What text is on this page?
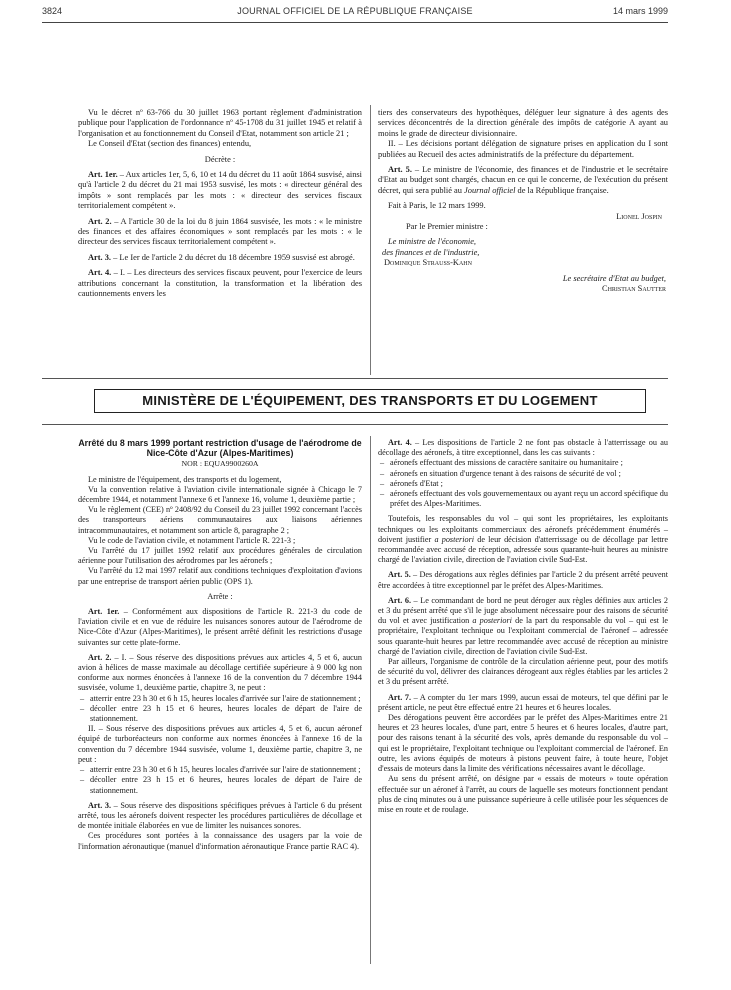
3824	JOURNAL OFFICIEL DE LA RÉPUBLIQUE FRANÇAISE	14 mars 1999

Vu le décret nº 63-766 du 30 juillet 1963 portant règlement d'administration publique pour l'application de l'ordonnance nº 45-1708 du 31 juillet 1945 et relatif à l'organisation et au fonctionnement du Conseil d'Etat, notamment son article 21 ;

Le Conseil d'Etat (section des finances) entendu,

Décrète :

Art. 1er. – Aux articles 1er, 5, 6, 10 et 14 du décret du 11 août 1864 susvisé, ainsi qu'à l'article 2 du décret du 21 mai 1953 susvisé, les mots : « directeur général des impôts » sont remplacés par les mots : « directeur des services fiscaux territorialement compétent ».

Art. 2. – A l'article 30 de la loi du 8 juin 1864 susvisée, les mots : « le ministre des finances et des affaires économiques » sont remplacés par les mots : « le directeur des services fiscaux territorialement compétent ».

Art. 3. – Le Ier de l'article 2 du décret du 18 décembre 1959 susvisé est abrogé.

Art. 4. – I. – Les directeurs des services fiscaux peuvent, pour l'exercice de leurs attributions concernant la constitution, la transformation et la libération des cautionnements envers les

tiers des conservateurs des hypothèques, déléguer leur signature à des agents des services déconcentrés de la direction générale des impôts de catégorie A ayant au moins le grade de directeur divisionnaire.

II. – Les décisions portant délégation de signature prises en application du I sont publiées au Recueil des actes administratifs de la préfecture du département.

Art. 5. – Le ministre de l'économie, des finances et de l'industrie et le secrétaire d'Etat au budget sont chargés, chacun en ce qui le concerne, de l'exécution du présent décret, qui sera publié au Journal officiel de la République française.

Fait à Paris, le 12 mars 1999.

Lionel Jospin

Par le Premier ministre :

Le ministre de l'économie,

des finances et de l'industrie,

Dominique Strauss-Kahn

Le secrétaire d'Etat au budget,

Christian Sautter

MINISTÈRE DE L'ÉQUIPEMENT, DES TRANSPORTS ET DU LOGEMENT
Arrêté du 8 mars 1999 portant restriction d'usage de l'aérodrome de Nice-Côte d'Azur (Alpes-Maritimes)
NOR : EQUA9900260A

Le ministre de l'équipement, des transports et du logement,

Vu la convention relative à l'aviation civile internationale signée à Chicago le 7 décembre 1944, et notamment l'annexe 6 et l'annexe 16, volume 1, deuxième partie ;

Vu le règlement (CEE) nº 2408/92 du Conseil du 23 juillet 1992 concernant l'accès des transporteurs aériens communautaires aux liaisons aériennes intracommunautaires, et notamment son article 8, paragraphe 2 ;

Vu le code de l'aviation civile, et notamment l'article R. 221-3 ;

Vu l'arrêté du 17 juillet 1992 relatif aux procédures générales de circulation aérienne pour l'utilisation des aérodromes par les aéronefs ;

Vu l'arrêté du 12 mai 1997 relatif aux conditions techniques d'exploitation d'avions par une entreprise de transport aérien public (OPS 1).

Arrête :

Art. 1er. – Conformément aux dispositions de l'article R. 221-3 du code de l'aviation civile et en vue de réduire les nuisances sonores autour de l'aérodrome de Nice-Côte d'Azur (Alpes-Maritimes), le présent arrêté définit les restrictions d'usage suivantes sur cette plate-forme.

Art. 2. – I. – Sous réserve des dispositions prévues aux articles 4, 5 et 6, aucun avion à hélices de masse maximale au décollage certifiée supérieure à 9 000 kg non conforme aux normes énoncées à l'annexe 16 de la convention du 7 décembre 1944 susvisée, volume 1, deuxième partie, chapitre 3, ne peut :

– atterrir entre 23 h 30 et 6 h 15, heures locales d'arrivée sur l'aire de stationnement ;
– décoller entre 23 h 15 et 6 heures, heures locales de départ de l'aire de stationnement.

II. – Sous réserve des dispositions prévues aux articles 4, 5 et 6, aucun aéronef équipé de turboréacteurs non conforme aux normes énoncées à l'annexe 16 de la convention du 7 décembre 1944 susvisée, volume 1, deuxième partie, chapitre 3, ne peut :

– atterrir entre 23 h 30 et 6 h 15, heures locales d'arrivée sur l'aire de stationnement ;
– décoller entre 23 h 15 et 6 heures, heures locales de départ de l'aire de stationnement.

Art. 3. – Sous réserve des dispositions spécifiques prévues à l'article 6 du présent arrêté, tous les aéronefs doivent respecter les procédures particulières de décollage et de montée initiale élaborées en vue de limiter les nuisances sonores.

Ces procédures sont portées à la connaissance des usagers par la voie de l'information aéronautique (manuel d'information aéronautique France partie RAC 4).

Art. 4. – Les dispositions de l'article 2 ne font pas obstacle à l'atterrissage ou au décollage des aéronefs, à titre exceptionnel, dans les cas suivants :

– aéronefs effectuant des missions de caractère sanitaire ou humanitaire ;
– aéronefs en situation d'urgence tenant à des raisons de sécurité de vol ;
– aéronefs d'Etat ;
– aéronefs effectuant des vols gouvernementaux ou ayant reçu un accord spécifique du préfet des Alpes-Maritimes.

Toutefois, les responsables du vol – qui sont les propriétaires, les exploitants techniques ou les exploitants commerciaux des aéronefs précédemment énumérés – doivent justifier a posteriori de leur décision d'atterrissage ou de décollage par lettre recommandée avec accusé de réception, adressée sous quarante-huit heures au ministre chargé de l'aviation civile, direction de l'aviation civile Sud-Est.

Art. 5. – Des dérogations aux règles définies par l'article 2 du présent arrêté peuvent être accordées à titre exceptionnel par le préfet des Alpes-Maritimes.

Art. 6. – Le commandant de bord ne peut déroger aux règles définies aux articles 2 et 3 du présent arrêté que s'il le juge absolument nécessaire pour des raisons de sécurité du vol et avec justification a posteriori de la part du responsable du vol – qui est le propriétaire, l'exploitant technique ou l'exploitant commercial de l'aéronef – adressée sous quarante-huit heures par lettre recommandée avec accusé de réception au ministre chargé de l'aviation civile, direction de l'aviation civile Sud-Est.

Par ailleurs, l'organisme de contrôle de la circulation aérienne peut, pour des motifs de sécurité du vol, délivrer des clairances dérogeant aux règles établies par les articles 2 et 3 du présent arrêté.

Art. 7. – A compter du 1er mars 1999, aucun essai de moteurs, tel que défini par le présent article, ne peut être effectué entre 21 heures et 6 heures locales.

Des dérogations peuvent être accordées par le préfet des Alpes-Maritimes entre 21 heures et 23 heures locales, d'une part, entre 5 heures et 6 heures locales, d'autre part, pour des raisons tenant à la sécurité des vols, après demande du responsable du vol – qui est le propriétaire, l'exploitant technique ou l'exploitant commercial de l'aéronef. En outre, les avions équipés de moteurs à pistons peuvent faire, à toute heure, l'objet d'essais de moteurs dans la limite des vérifications nécessaires avant le décollage.

Au sens du présent arrêté, on désigne par « essais de moteurs » toute opération effectuée sur un aéronef à l'arrêt, au cours de laquelle ses moteurs fonctionnent pendant plus de cinq minutes ou à une puissance supérieure à celle utilisée pour les séquences de mise en route et de roulage.
